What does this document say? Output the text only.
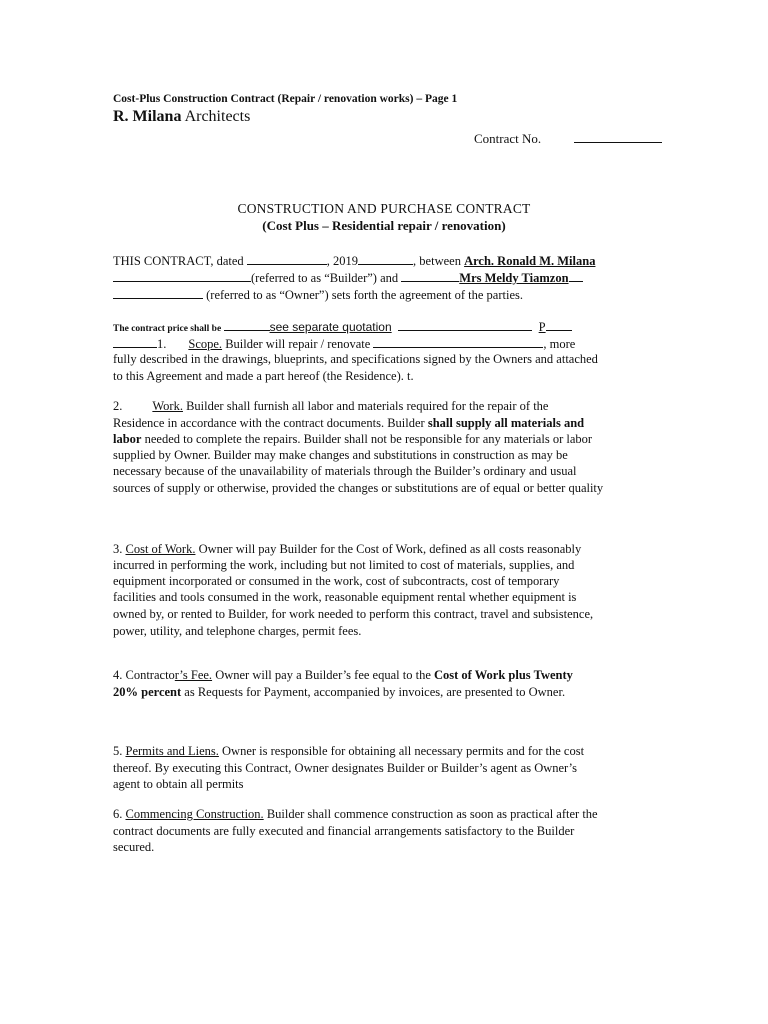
Cost-Plus Construction Contract (Repair / renovation works) – Page 1
R. Milana Architects
Contract No.
CONSTRUCTION AND PURCHASE CONTRACT
(Cost Plus – Residential repair / renovation)
THIS CONTRACT, dated	, 2019	, between Arch. Ronald M. Milana
(referred to as “Builder”) and	Mrs Meldy Tiamzon
(referred to as “Owner”) sets forth the agreement of the parties.
The contract price shall be	see separate quotation	P
1. Scope. Builder will repair / renovate	, more
fully described in the drawings, blueprints, and specifications signed by the Owners and attached
to this Agreement and made a part hereof (the Residence). t.
2. Work. Builder shall furnish all labor and materials required for the repair of the
Residence in accordance with the contract documents. Builder shall supply all materials and
labor needed to complete the repairs. Builder shall not be responsible for any materials or labor
supplied by Owner. Builder may make changes and substitutions in construction as may be
necessary because of the unavailability of materials through the Builder’s ordinary and usual
sources of supply or otherwise, provided the changes or substitutions are of equal or better quality
3. Cost of Work. Owner will pay Builder for the Cost of Work, defined as all costs reasonably
incurred in performing the work, including but not limited to cost of materials, supplies, and
equipment incorporated or consumed in the work, cost of subcontracts, cost of temporary
facilities and tools consumed in the work, reasonable equipment rental whether equipment is
owned by, or rented to Builder, for work needed to perform this contract, travel and subsistence,
power, utility, and telephone charges, permit fees.
4. Contractor’s Fee. Owner will pay a Builder’s fee equal to the Cost of Work plus Twenty
20% percent as Requests for Payment, accompanied by invoices, are presented to Owner.
5. Permits and Liens. Owner is responsible for obtaining all necessary permits and for the cost
thereof. By executing this Contract, Owner designates Builder or Builder’s agent as Owner’s
agent to obtain all permits
6. Commencing Construction. Builder shall commence construction as soon as practical after the
contract documents are fully executed and financial arrangements satisfactory to the Builder
secured.
